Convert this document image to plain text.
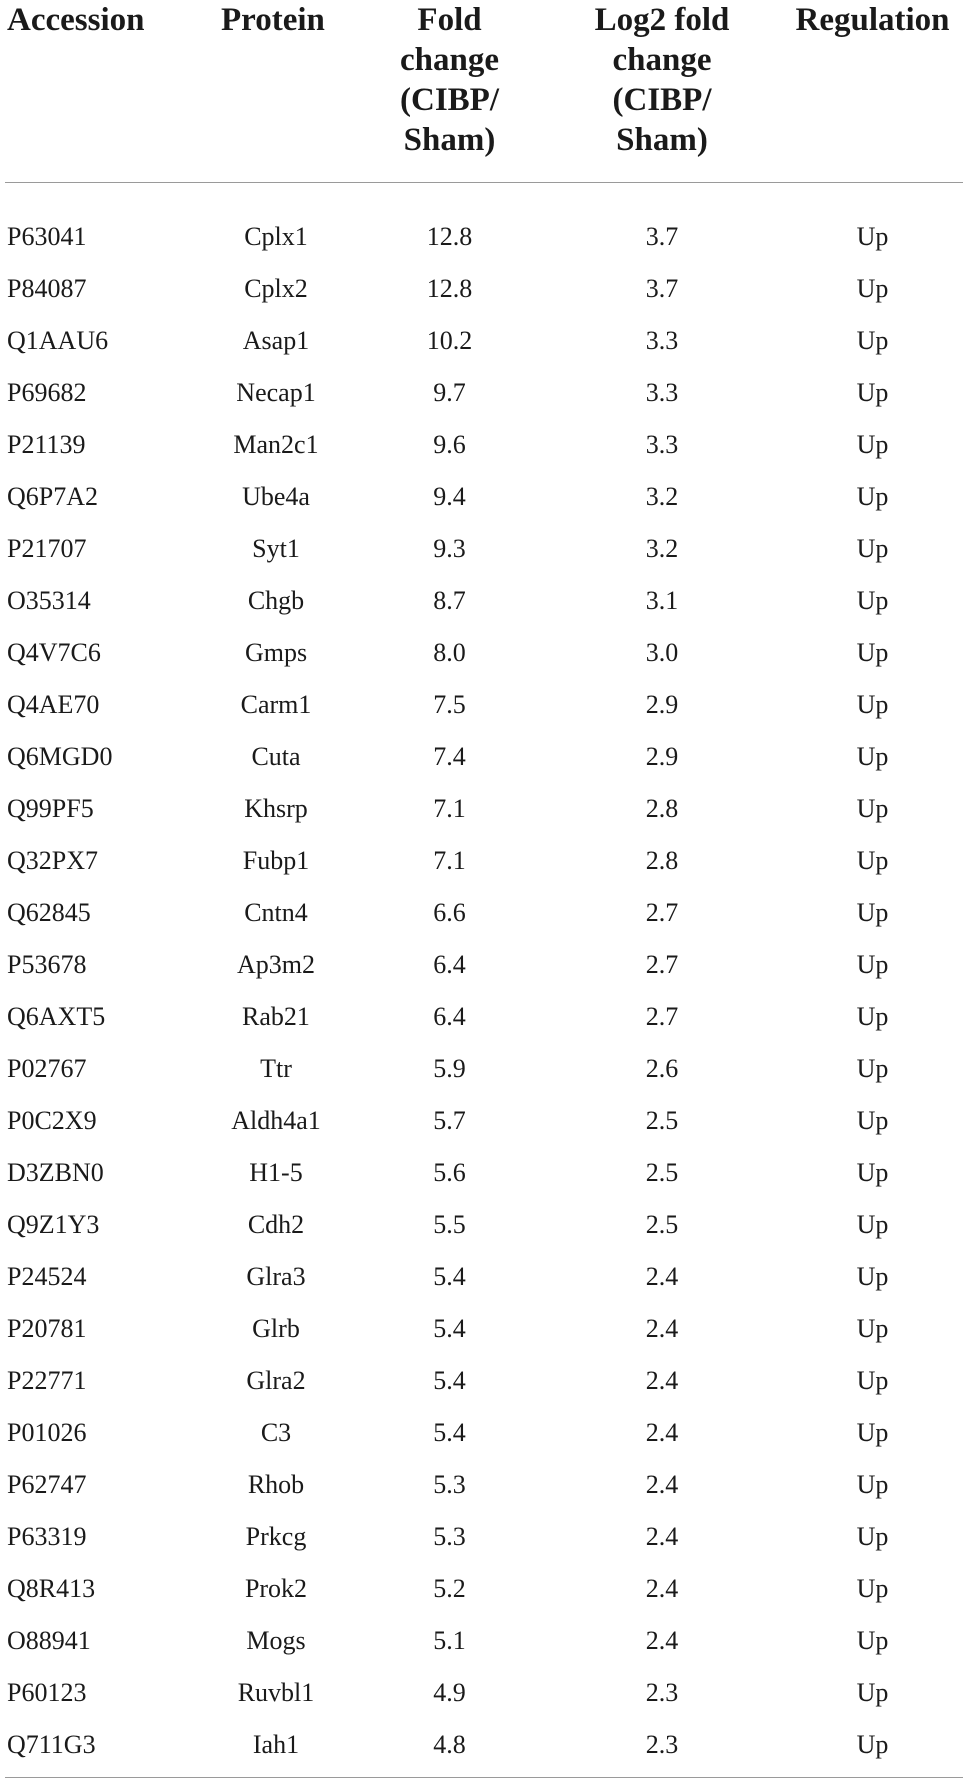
Accession	Protein	Fold
change
(CIBP/
Sham)	Log2 fold
change
(CIBP/
Sham)	Regulation

P63041	Cplx1	12.8	3.7	Up
P84087	Cplx2	12.8	3.7	Up
Q1AAU6	Asap1	10.2	3.3	Up
P69682	Necap1	9.7	3.3	Up
P21139	Man2c1	9.6	3.3	Up
Q6P7A2	Ube4a	9.4	3.2	Up
P21707	Syt1	9.3	3.2	Up
O35314	Chgb	8.7	3.1	Up
Q4V7C6	Gmps	8.0	3.0	Up
Q4AE70	Carm1	7.5	2.9	Up
Q6MGD0	Cuta	7.4	2.9	Up
Q99PF5	Khsrp	7.1	2.8	Up
Q32PX7	Fubp1	7.1	2.8	Up
Q62845	Cntn4	6.6	2.7	Up
P53678	Ap3m2	6.4	2.7	Up
Q6AXT5	Rab21	6.4	2.7	Up
P02767	Ttr	5.9	2.6	Up
P0C2X9	Aldh4a1	5.7	2.5	Up
D3ZBN0	H1-5	5.6	2.5	Up
Q9Z1Y3	Cdh2	5.5	2.5	Up
P24524	Glra3	5.4	2.4	Up
P20781	Glrb	5.4	2.4	Up
P22771	Glra2	5.4	2.4	Up
P01026	C3	5.4	2.4	Up
P62747	Rhob	5.3	2.4	Up
P63319	Prkcg	5.3	2.4	Up
Q8R413	Prok2	5.2	2.4	Up
O88941	Mogs	5.1	2.4	Up
P60123	Ruvbl1	4.9	2.3	Up
Q711G3	Iah1	4.8	2.3	Up
